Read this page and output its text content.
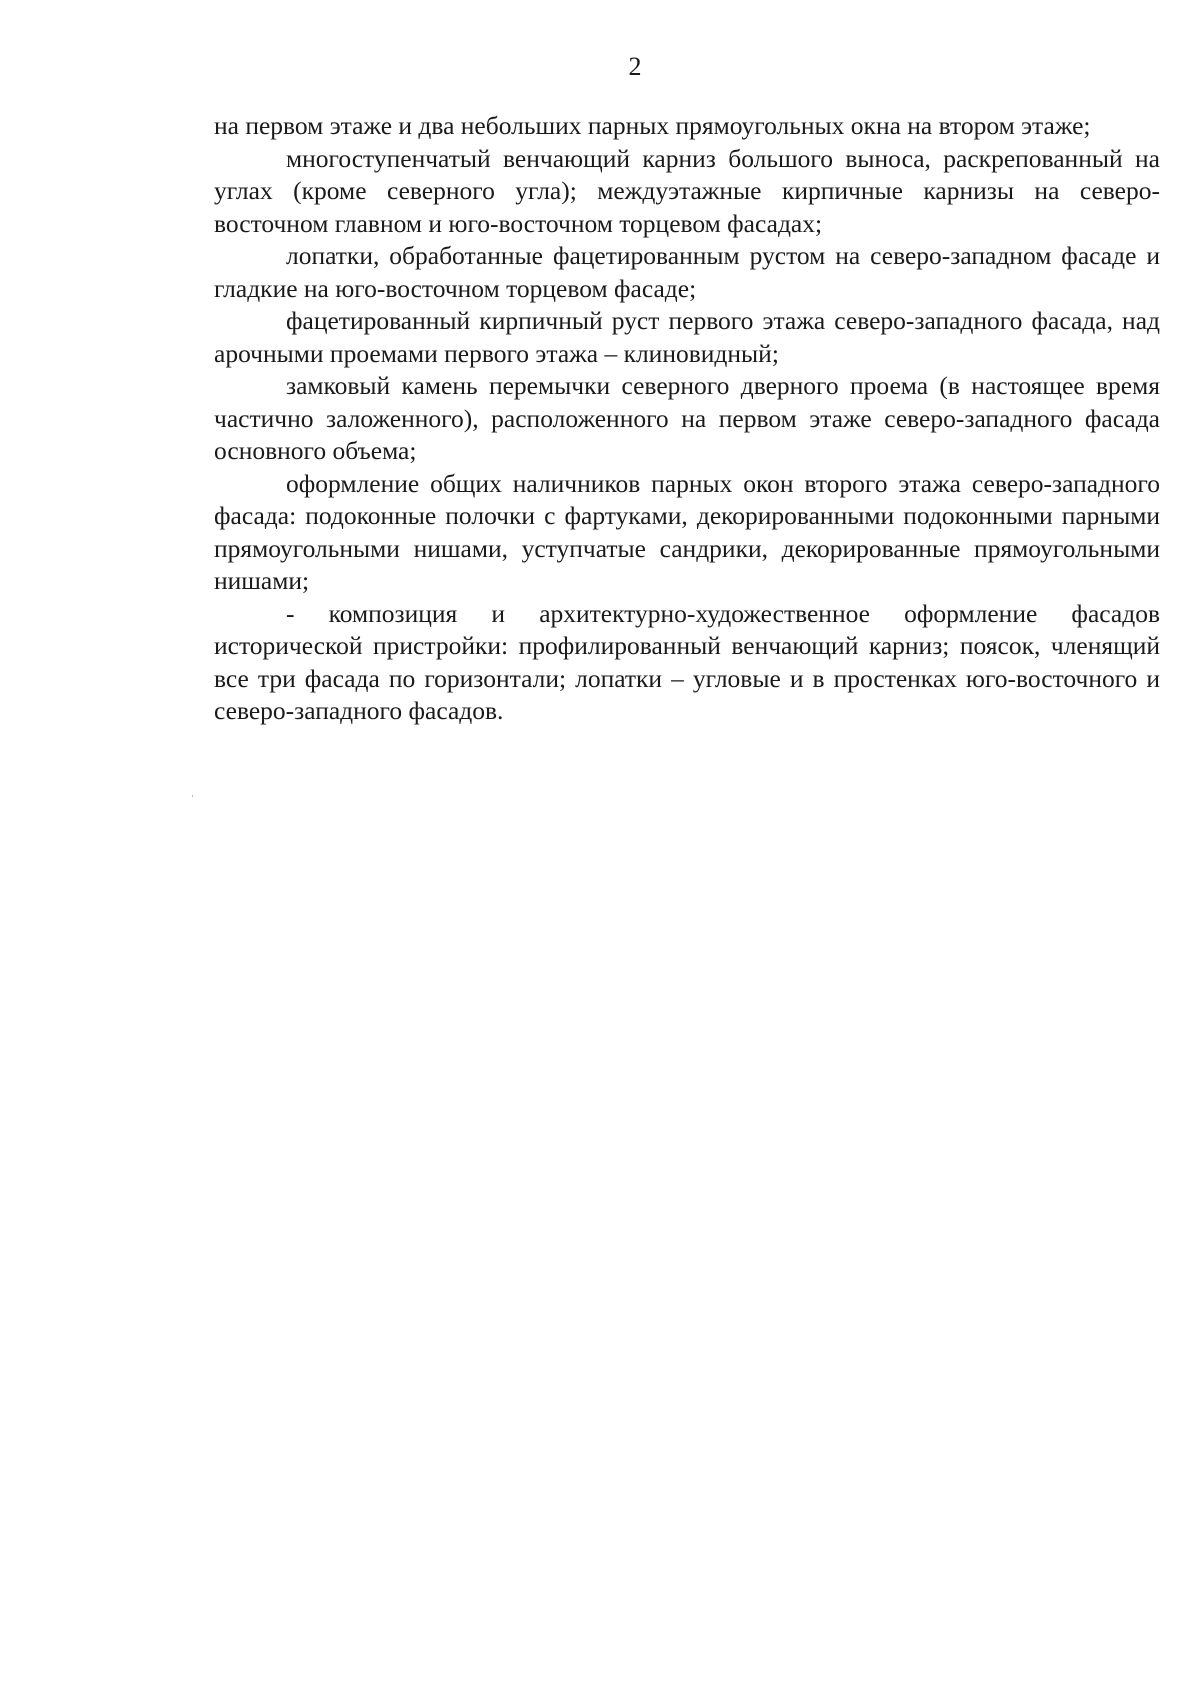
2

на первом этаже и два небольших парных прямоугольных окна на втором этаже;

многоступенчатый венчающий карниз большого выноса, раскрепованный на углах (кроме северного угла); междуэтажные кирпичные карнизы на северо-восточном главном и юго-восточном торцевом фасадах;

лопатки, обработанные фацетированным рустом на северо-западном фасаде и гладкие на юго-восточном торцевом фасаде;

фацетированный кирпичный руст первого этажа северо-западного фасада, над арочными проемами первого этажа – клиновидный;

замковый камень перемычки северного дверного проема (в настоящее время частично заложенного), расположенного на первом этаже северо-западного фасада основного объема;

оформление общих наличников парных окон второго этажа северо-западного фасада: подоконные полочки с фартуками, декорированными подоконными парными прямоугольными нишами, уступчатые сандрики, декорированные прямоугольными нишами;

- композиция и архитектурно-художественное оформление фасадов исторической пристройки: профилированный венчающий карниз; поясок, членящий все три фасада по горизонтали; лопатки – угловые и в простенках юго-восточного и северо-западного фасадов.
